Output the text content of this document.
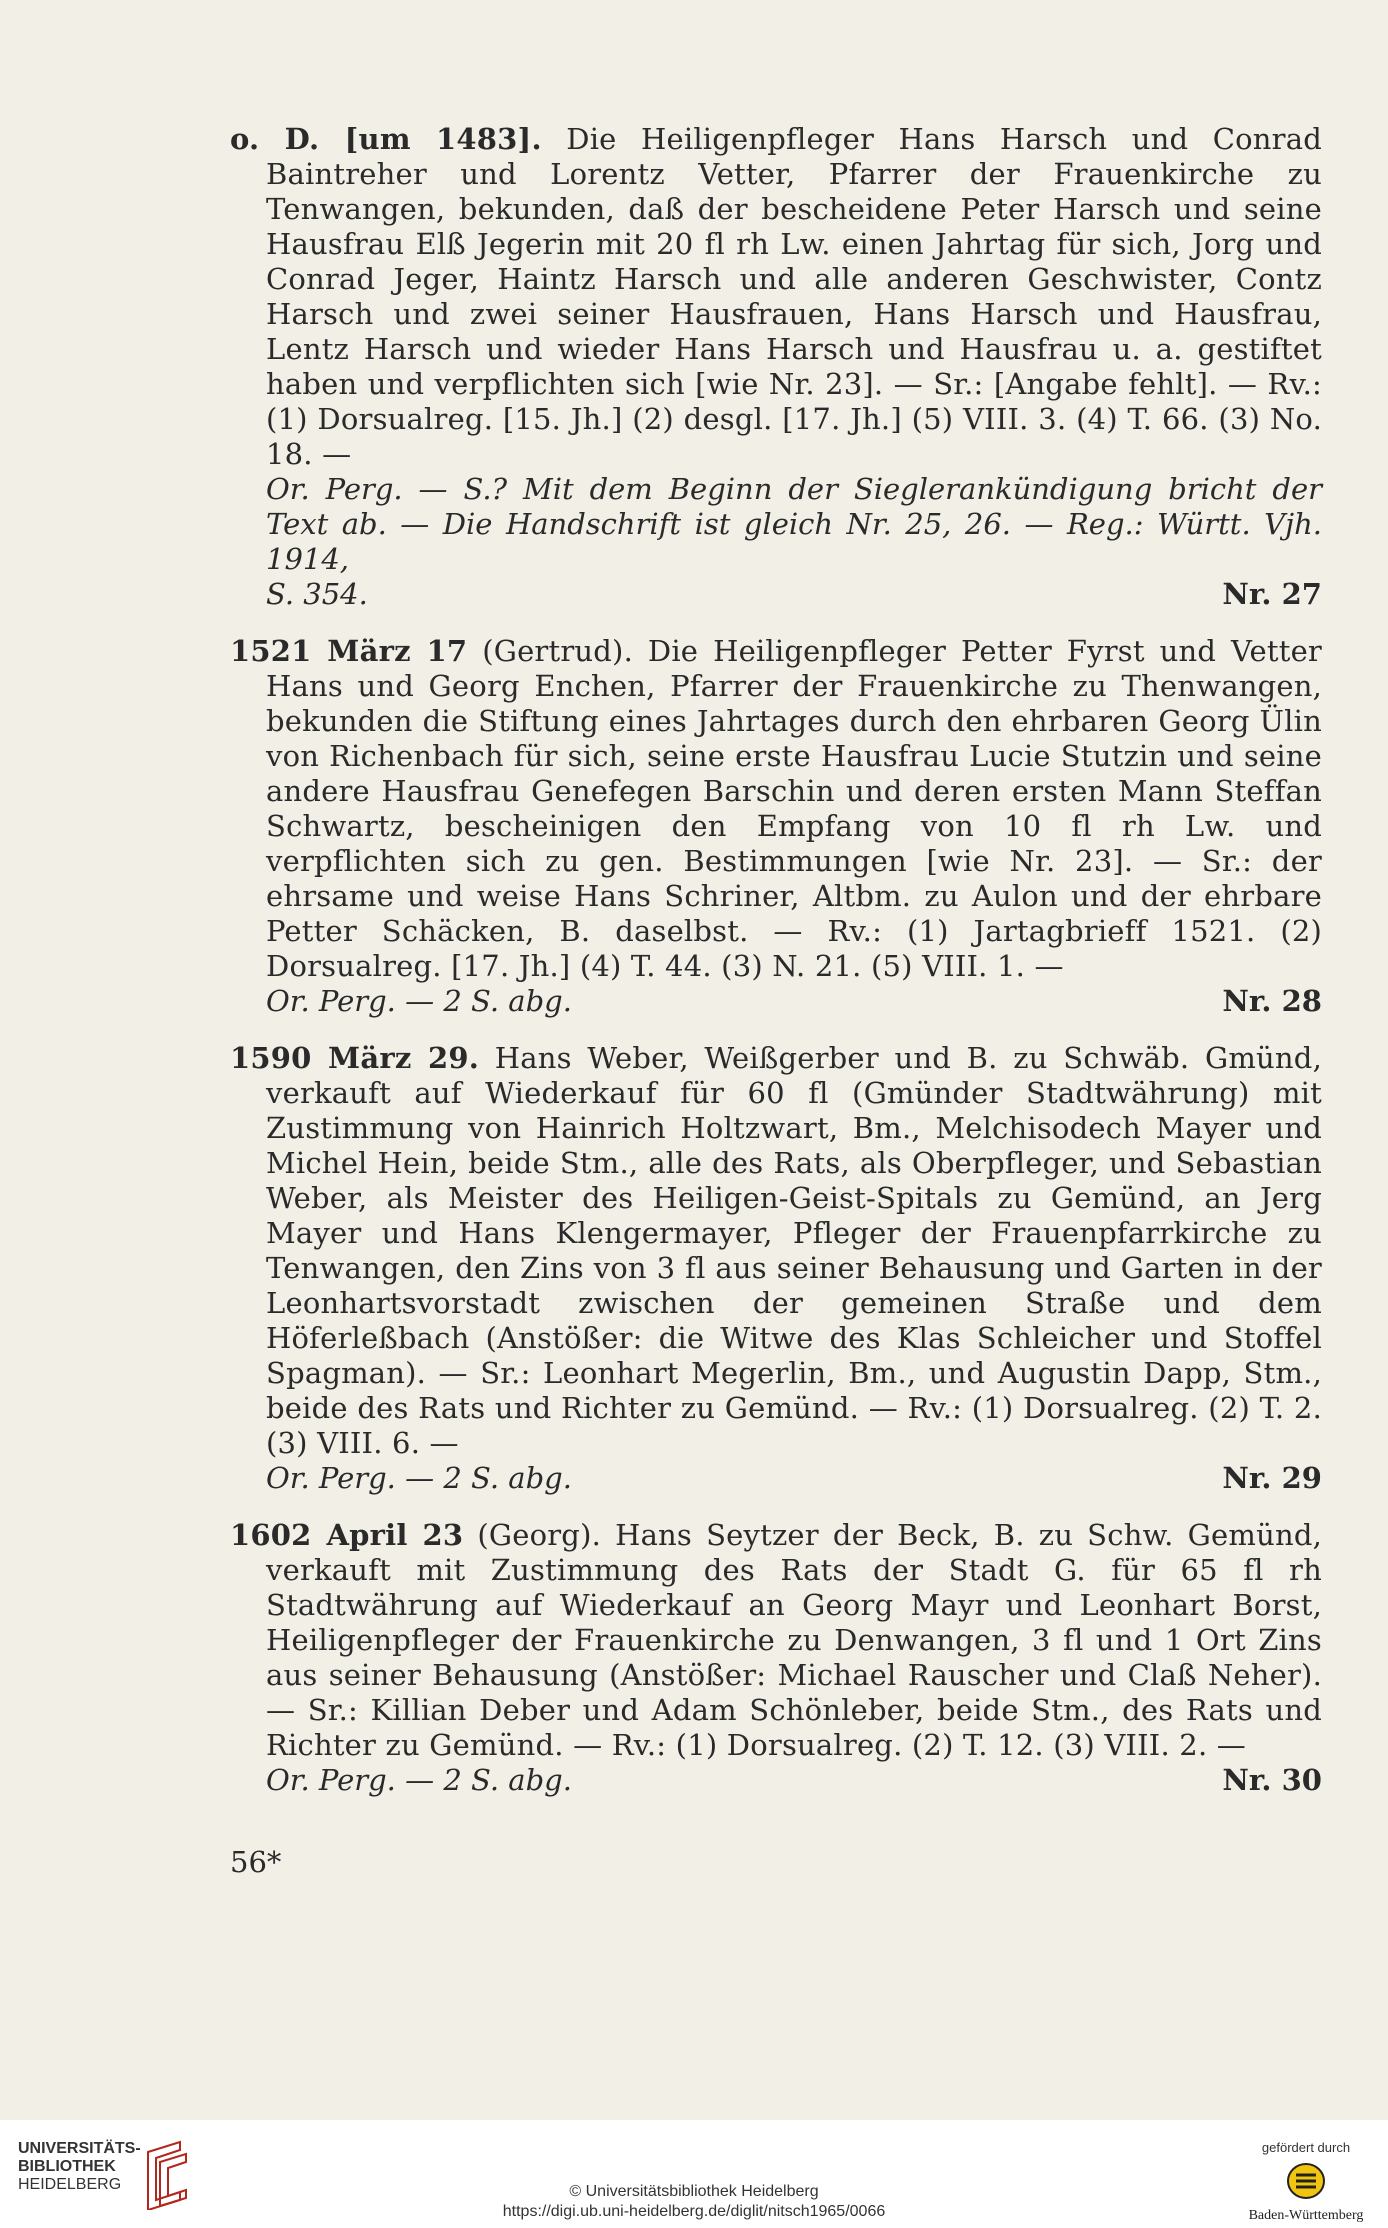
o. D. [um 1483]. Die Heiligenpfleger Hans Harsch und Conrad Baintreher und Lorentz Vetter, Pfarrer der Frauenkirche zu Tenwangen, bekunden, daß der bescheidene Peter Harsch und seine Hausfrau Elß Jegerin mit 20 fl rh Lw. einen Jahrtag für sich, Jorg und Conrad Jeger, Haintz Harsch und alle anderen Geschwister, Contz Harsch und zwei seiner Hausfrauen, Hans Harsch und Hausfrau, Lentz Harsch und wieder Hans Harsch und Hausfrau u. a. gestiftet haben und verpflichten sich [wie Nr. 23]. — Sr.: [Angabe fehlt]. — Rv.: (1) Dorsualreg. [15. Jh.] (2) desgl. [17. Jh.] (5) VIII. 3. (4) T. 66. (3) No. 18. —
Or. Perg. — S.? Mit dem Beginn der Sieglerankündigung bricht der Text ab. — Die Handschrift ist gleich Nr. 25, 26. — Reg.: Württ. Vjh. 1914,
S. 354.	Nr. 27
1521 März 17 (Gertrud). Die Heiligenpfleger Petter Fyrst und Vetter Hans und Georg Enchen, Pfarrer der Frauenkirche zu Thenwangen, bekunden die Stiftung eines Jahrtages durch den ehrbaren Georg Ülin von Richenbach für sich, seine erste Hausfrau Lucie Stutzin und seine andere Hausfrau Genefegen Barschin und deren ersten Mann Steffan Schwartz, bescheinigen den Empfang von 10 fl rh Lw. und verpflichten sich zu gen. Bestimmungen [wie Nr. 23]. — Sr.: der ehrsame und weise Hans Schriner, Altbm. zu Aulon und der ehrbare Petter Schäcken, B. daselbst. — Rv.: (1) Jartagbrieff 1521. (2) Dorsualreg. [17. Jh.] (4) T. 44. (3) N. 21. (5) VIII. 1. —
Or. Perg. — 2 S. abg.	Nr. 28
1590 März 29. Hans Weber, Weißgerber und B. zu Schwäb. Gmünd, verkauft auf Wiederkauf für 60 fl (Gmünder Stadtwährung) mit Zustimmung von Hainrich Holtzwart, Bm., Melchisodech Mayer und Michel Hein, beide Stm., alle des Rats, als Oberpfleger, und Sebastian Weber, als Meister des Heiligen-Geist-Spitals zu Gemünd, an Jerg Mayer und Hans Klengermayer, Pfleger der Frauenpfarrkirche zu Tenwangen, den Zins von 3 fl aus seiner Behausung und Garten in der Leonhartsvorstadt zwischen der gemeinen Straße und dem Höferleßbach (Anstößer: die Witwe des Klas Schleicher und Stoffel Spagman). — Sr.: Leonhart Megerlin, Bm., und Augustin Dapp, Stm., beide des Rats und Richter zu Gemünd. — Rv.: (1) Dorsualreg. (2) T. 2. (3) VIII. 6. —
Or. Perg. — 2 S. abg.	Nr. 29
1602 April 23 (Georg). Hans Seytzer der Beck, B. zu Schw. Gemünd, verkauft mit Zustimmung des Rats der Stadt G. für 65 fl rh Stadtwährung auf Wiederkauf an Georg Mayr und Leonhart Borst, Heiligenpfleger der Frauenkirche zu Denwangen, 3 fl und 1 Ort Zins aus seiner Behausung (Anstößer: Michael Rauscher und Claß Neher). — Sr.: Killian Deber und Adam Schönleber, beide Stm., des Rats und Richter zu Gemünd. — Rv.: (1) Dorsualreg. (2) T. 12. (3) VIII. 2. —
Or. Perg. — 2 S. abg.	Nr. 30
56*
UNIVERSITÄTS-
BIBLIOTHEK
HEIDELBERG	© Universitätsbibliothek Heidelberg
https://digi.ub.uni-heidelberg.de/diglit/nitsch1965/0066
gefördert durch
Baden-Württemberg
